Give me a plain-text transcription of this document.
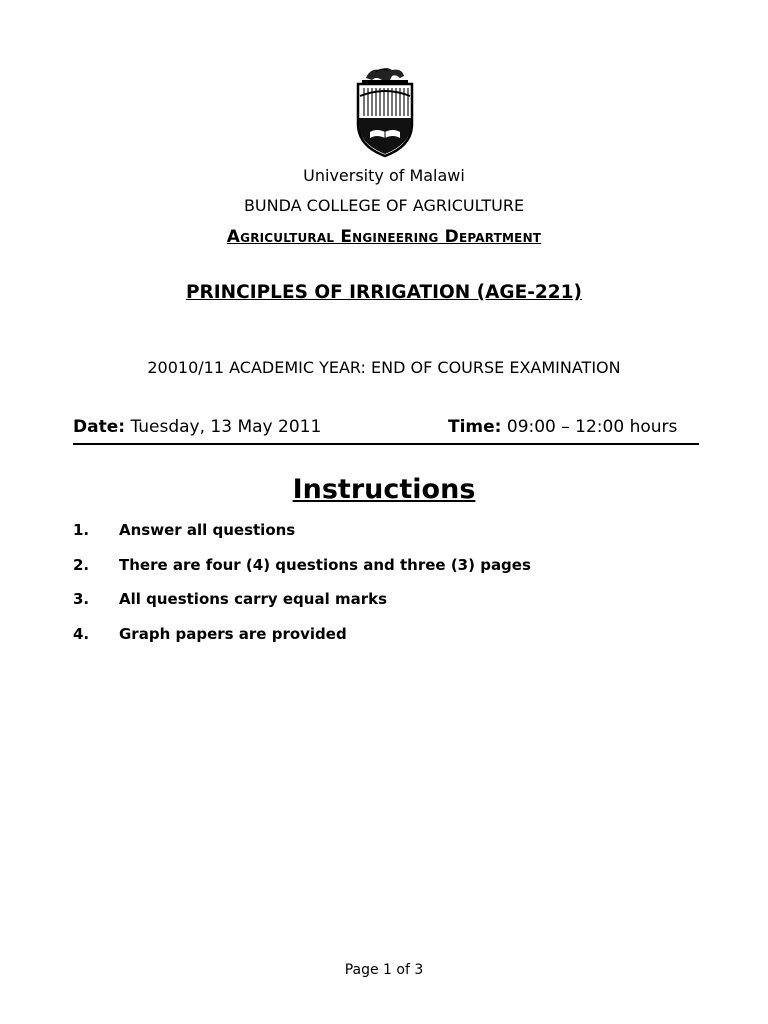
University of Malawi
BUNDA COLLEGE OF AGRICULTURE
Agricultural Engineering Department
PRINCIPLES OF IRRIGATION (AGE-221)
20010/11 ACADEMIC YEAR: END OF COURSE EXAMINATION
Date: Tuesday, 13 May 2011	Time: 09:00 – 12:00 hours
Instructions
1.	Answer all questions
2.	There are four (4) questions and three (3) pages
3.	All questions carry equal marks
4.	Graph papers are provided
Page 1 of 3
